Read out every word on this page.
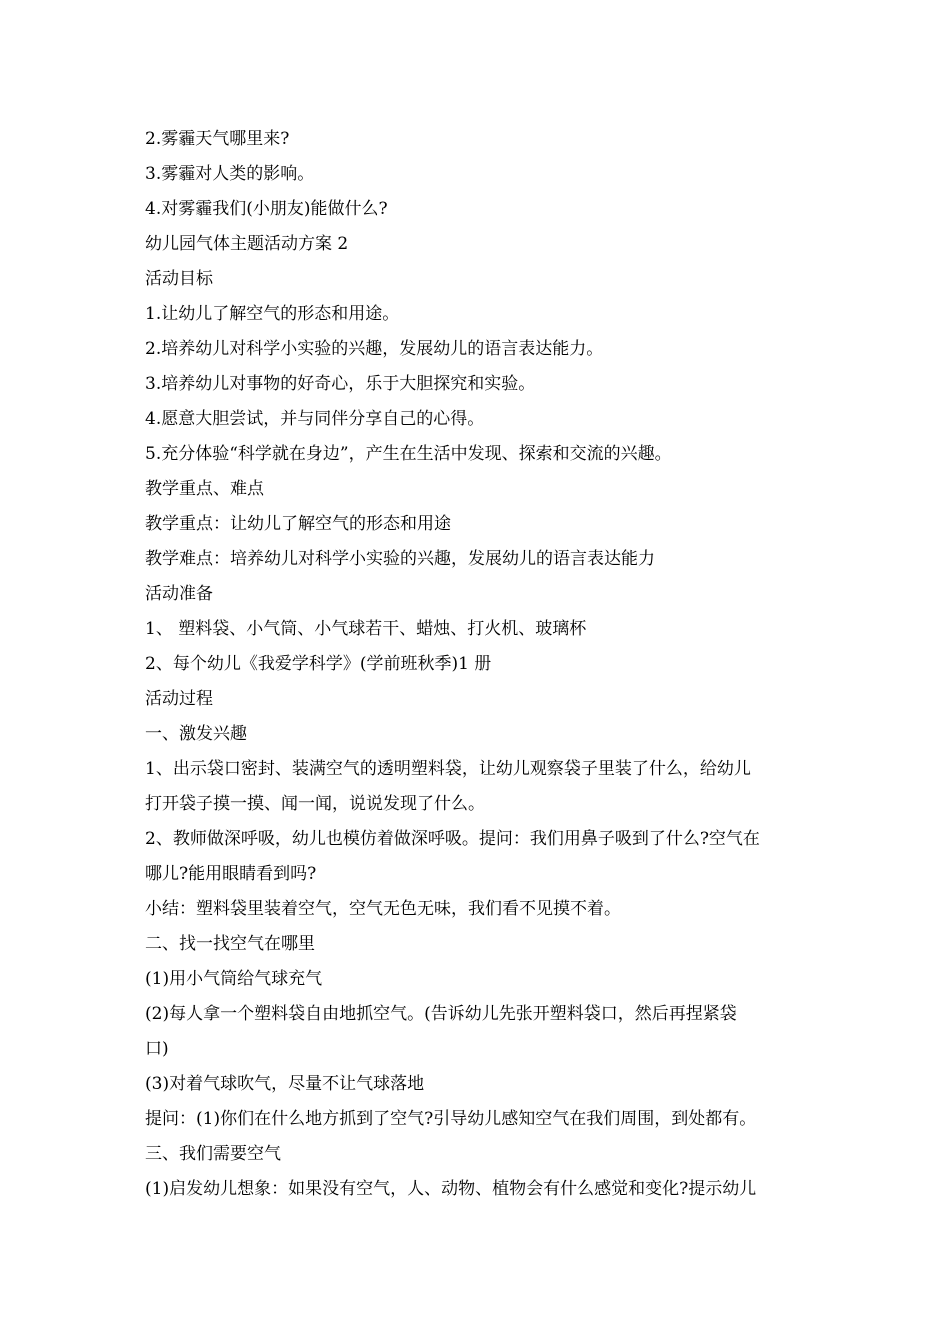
2.雾霾天气哪里来?
3.雾霾对人类的影响。
4.对雾霾我们(小朋友)能做什么?
幼儿园气体主题活动方案 2
活动目标
1.让幼儿了解空气的形态和用途。
2.培养幼儿对科学小实验的兴趣，发展幼儿的语言表达能力。
3.培养幼儿对事物的好奇心，乐于大胆探究和实验。
4.愿意大胆尝试，并与同伴分享自己的心得。
5.充分体验“科学就在身边”，产生在生活中发现、探索和交流的兴趣。
教学重点、难点
教学重点：让幼儿了解空气的形态和用途
教学难点：培养幼儿对科学小实验的兴趣，发展幼儿的语言表达能力
活动准备
1、 塑料袋、小气筒、小气球若干、蜡烛、打火机、玻璃杯
2、每个幼儿《我爱学科学》(学前班秋季)1 册
活动过程
一、激发兴趣
1、出示袋口密封、装满空气的透明塑料袋，让幼儿观察袋子里装了什么，给幼儿
打开袋子摸一摸、闻一闻，说说发现了什么。
2、教师做深呼吸，幼儿也模仿着做深呼吸。提问：我们用鼻子吸到了什么?空气在
哪儿?能用眼睛看到吗?
小结：塑料袋里装着空气，空气无色无味，我们看不见摸不着。
二、找一找空气在哪里
(1)用小气筒给气球充气
(2)每人拿一个塑料袋自由地抓空气。(告诉幼儿先张开塑料袋口，然后再捏紧袋
口)
(3)对着气球吹气，尽量不让气球落地
提问：(1)你们在什么地方抓到了空气?引导幼儿感知空气在我们周围，到处都有。
三、我们需要空气
(1)启发幼儿想象：如果没有空气，人、动物、植物会有什么感觉和变化?提示幼儿
